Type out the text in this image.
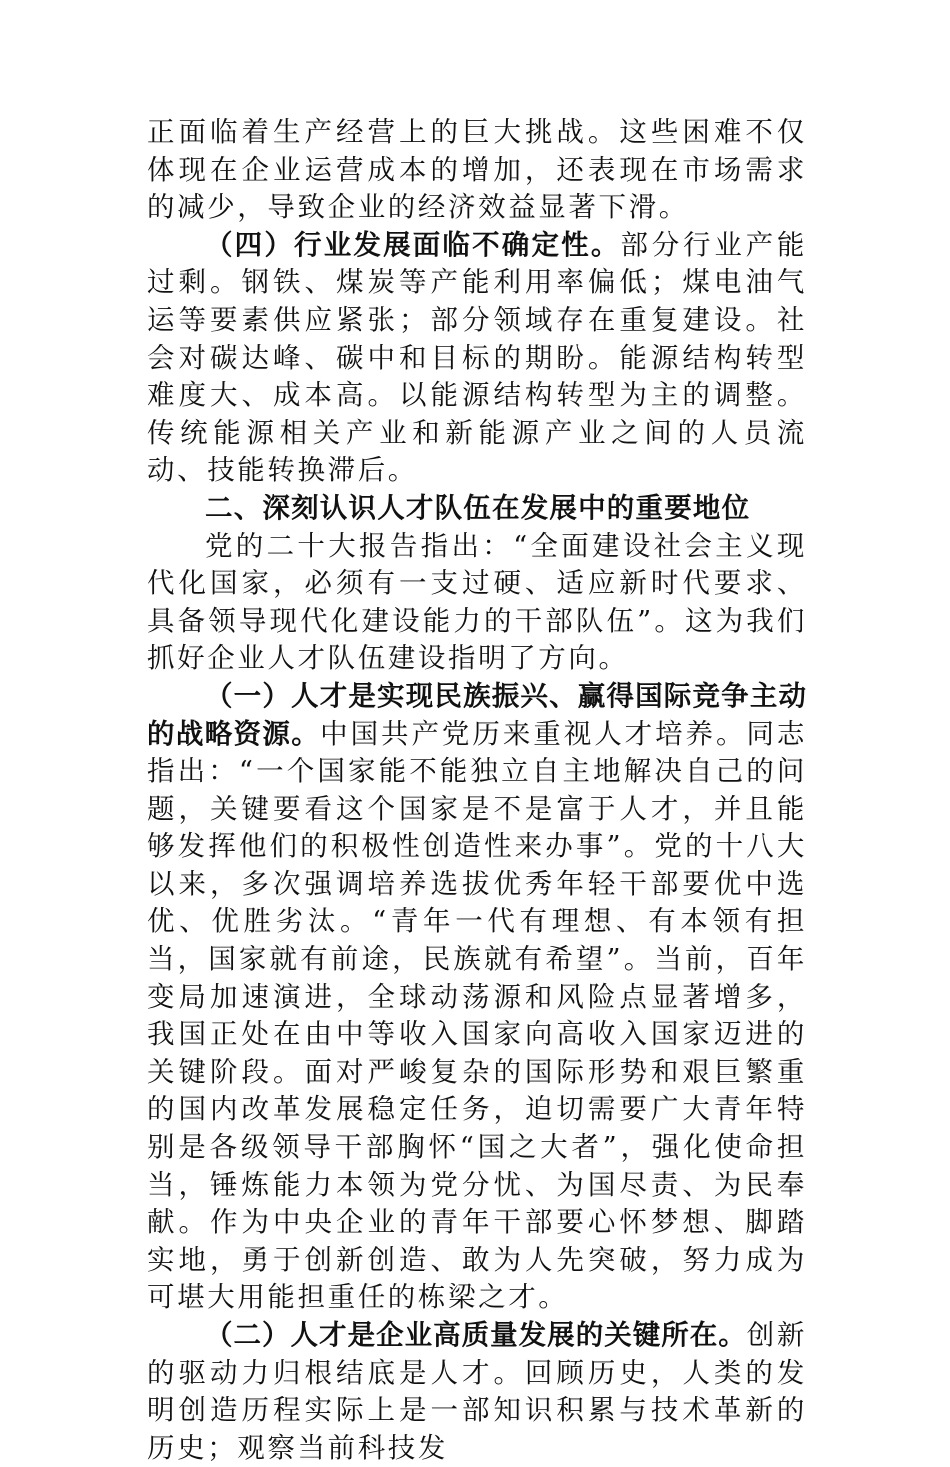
正面临着生产经营上的巨大挑战。这些困难不仅体现在企业运营成本的增加，还表现在市场需求的减少，导致企业的经济效益显著下滑。

（四）行业发展面临不确定性。部分行业产能过剩。钢铁、煤炭等产能利用率偏低；煤电油气运等要素供应紧张；部分领域存在重复建设。社会对碳达峰、碳中和目标的期盼。能源结构转型难度大、成本高。以能源结构转型为主的调整。传统能源相关产业和新能源产业之间的人员流动、技能转换滞后。

二、深刻认识人才队伍在发展中的重要地位

党的二十大报告指出：“全面建设社会主义现代化国家，必须有一支过硬、适应新时代要求、具备领导现代化建设能力的干部队伍”。这为我们抓好企业人才队伍建设指明了方向。

（一）人才是实现民族振兴、赢得国际竞争主动的战略资源。中国共产党历来重视人才培养。同志指出：“一个国家能不能独立自主地解决自己的问题，关键要看这个国家是不是富于人才，并且能够发挥他们的积极性创造性来办事”。党的十八大以来，多次强调培养选拔优秀年轻干部要优中选优、优胜劣汰。“青年一代有理想、有本领有担当，国家就有前途，民族就有希望”。当前，百年变局加速演进，全球动荡源和风险点显著增多，我国正处在由中等收入国家向高收入国家迈进的关键阶段。面对严峻复杂的国际形势和艰巨繁重的国内改革发展稳定任务，迫切需要广大青年特别是各级领导干部胸怀“国之大者”，强化使命担当，锤炼能力本领为党分忧、为国尽责、为民奉献。作为中央企业的青年干部要心怀梦想、脚踏实地，勇于创新创造、敢为人先突破，努力成为可堪大用能担重任的栋梁之才。

（二）人才是企业高质量发展的关键所在。创新的驱动力归根结底是人才。回顾历史，人类的发明创造历程实际上是一部知识积累与技术革新的历史；观察当前科技发
